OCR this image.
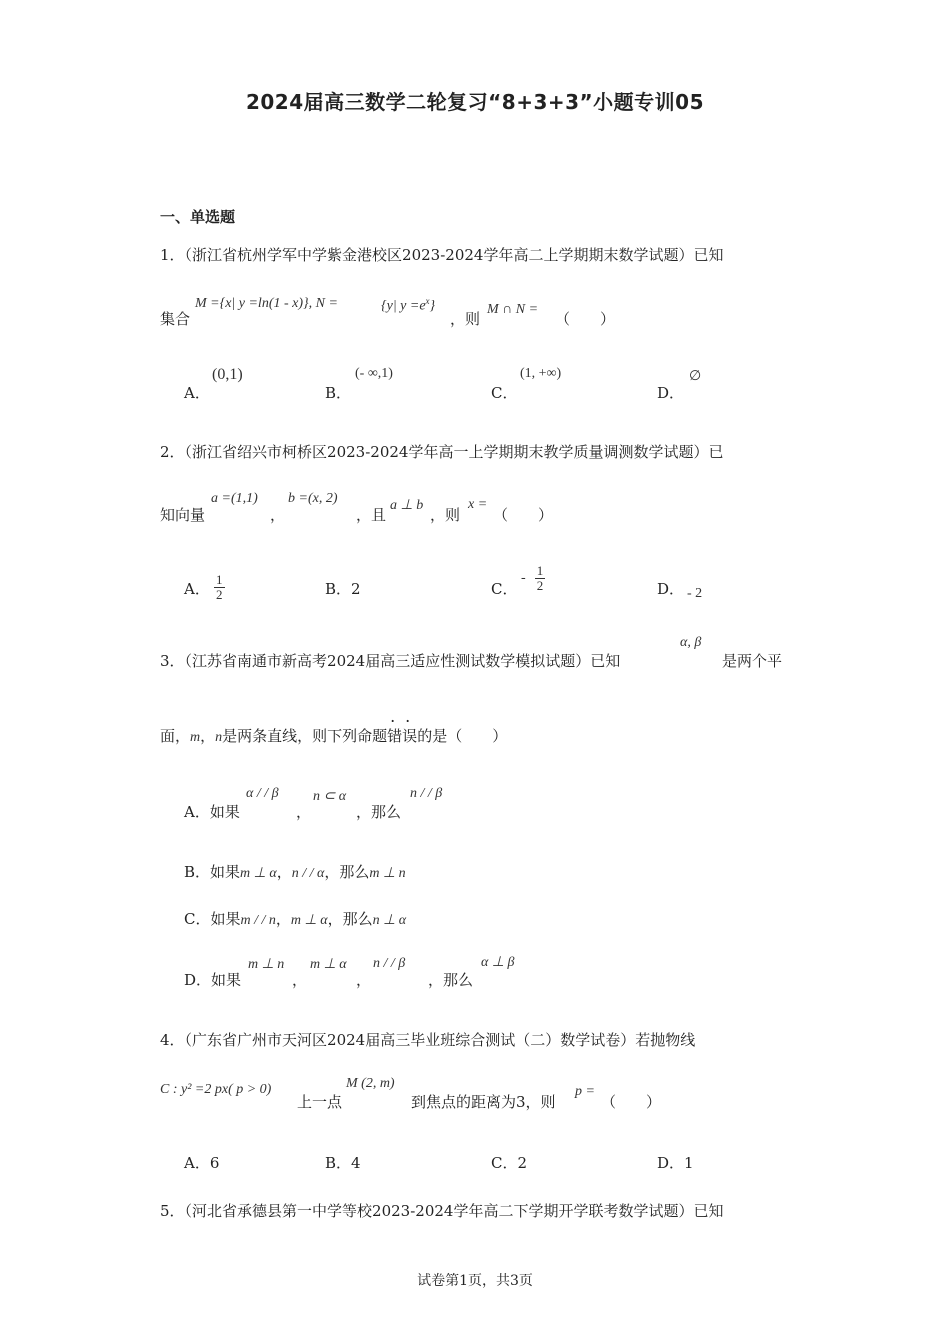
2024届高三数学二轮复习“8+3+3”小题专训05
一、单选题
1．（浙江省杭州学军中学紫金港校区2023-2024学年高二上学期期末数学试题）已知
集合
M ={x| y =ln(1 - x)}, N =	{y| $y =e^x$}
，则
M ∩ N =
（　　）
A．
(0,1)
B．
(- ∞,1)
C．
(1, +∞)
D．
∅
2．（浙江省绍兴市柯桥区2023-2024学年高一上学期期末教学质量调测数学试题）已
知向量
a =(1,1)
，
b =(x, 2)
，且
a ⊥ b
，则
x =
（　　）
A． $\frac{1}{2}$	B．2	C．
- $\frac{1}{2}$	D． - 2
3．（江苏省南通市新高考2024届高三适应性测试数学模拟试题）已知
α, β
是两个平
面，m，n是两条直线，则下列命题
. .
错误的是（　　）
A．如果
α / / β
，
n ⊂ α
，那么
n / / β
B．如果m ⊥ α，n / / α，那么m ⊥ n
C．如果m / / n，m ⊥ α，那么n ⊥ α
D．如果
m ⊥ n
，
m ⊥ α
，
n / / β
，那么
α ⊥ β
4．（广东省广州市天河区2024届高三毕业班综合测试（二）数学试卷）若抛物线
C : y² =2 px( p > 0)
上一点
M (2, m)
到焦点的距离为3，则
p =
（　　）
A．6	B．4	C．2	D．1
5．（河北省承德县第一中学等校2023-2024学年高二下学期开学联考数学试题）已知
试卷第1页，共3页
